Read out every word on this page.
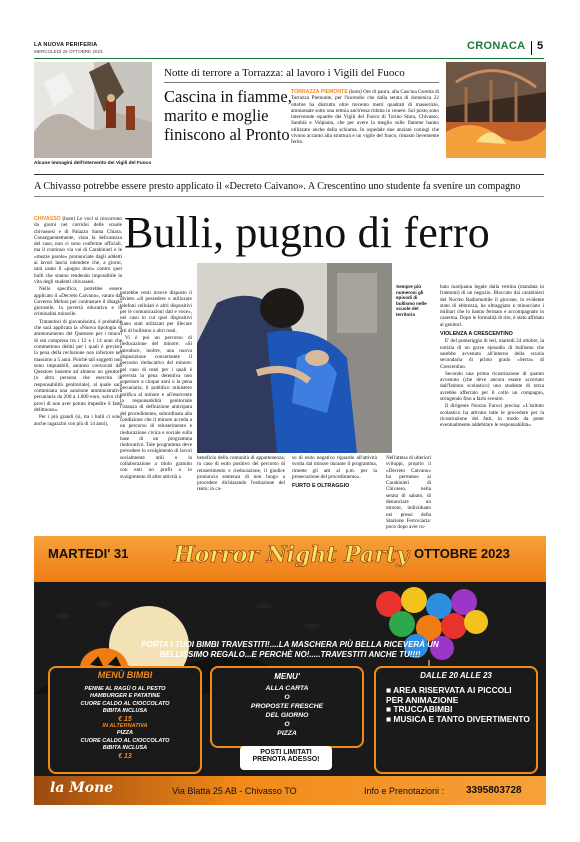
LA NUOVA PERIFERIA
MERCOLEDÌ 25 OTTOBRE 2023	CRONACA 5
Alcune immagini dell'intervento dei Vigili del Fuoco
Notte di terrore a Torrazza: al lavoro i Vigili del Fuoco
Cascina in fiamme,
marito e moglie
finiscono al Pronto
TORRAZZA PIEMONTE (bom) Ore di paura, alla Cascina Goretta di Torrazza Piemonte, per l'incendio che dalla serata di domenica 22 ottobre ha distrutto oltre trecento metri quadrati di masserizie, ammassate sotto una tettoia anch'essa ridotta in cenere. Sul posto sono intervenute squadre dei Vigili del Fuoco di Torino Stura, Chivasso, Santhià e Volpiano, che per avere la meglio sulle fiamme hanno utilizzato anche della schiuma. In ospedale due anziani coniugi che vivono accanto alla struttura e un vigile del fuoco, rimasto lievemente ferito.
A Chivasso potrebbe essere presto applicato il «Decreto Caivano». A Crescentino uno studente fa svenire un compagno
Bulli, pugno di ferro
Sempre più numerosi gli episodi di bullismo nelle scuole del territorio

CHIVASSO (bom) Le voci si rincorrono da giorni nei corridoi delle scuole chivassesi e di Palazzo Santa Chiara. Conseguentemente, vista la delicatezza del caso, non ci sono conferme ufficiali, ma il continuo via vai di Carabinieri e le «mezze parole» pronunciate dagli addetti ai lavori lascia intendere che, a giorni, sarà usato il «pugno duro» contro quei bulli che stanno rendendo impossibile la vita degli studenti chivassesi.

Nello specifico, potrebbe essere applicato il «Decreto Caivano», varato dal Governo Meloni per contrastare il disagio giovanile, la povertà educativa e la criminalità minorile.

Tratandosi di giovanissimi, è probabile che sarà applicata la «Nuova tipologia di ammonimento del Questore per i minori di età compresa tra i 12 e i 14 anni che commettono delitti per i quali è prevista la pena della reclusione non inferiore nel massimo a 5 anni. Poiché tali soggetti non sono imputabili, saranno convocati dal Questore insieme ad almeno un genitore (o altra persona che esercita la responsabilità genitoriale), al quale sarà comminata una sanzione amministrativa pecuniaria da 200 a 1.000 euro, salvo che provi di non aver potuto impedire il fatto delittuoso».

Per i più grandi (si, tra i bulli ci sono anche ragazzini con più di 14 anni),

potrebbe venir invece disposto il divieto «di possedere o utilizzare telefoni cellulari e altri dispositivi per le comunicazioni dati e voce», nel caso in cui quei dispositivi siano stati utilizzati per illecare atti di bullismo o altri reati.

Vi è poi un percorso di rieducazione del minore: «Si introduce, inoltre, una nuova disposizione concernente il percorso rieducativo del minore: nel caso di reati per i quali è prevista la pena detentiva non superiore a cinque anni o la pena pecuniaria, il pubblico ministero notifica al minore e all'esercente la responsabilità genitoriale l'istanza di definizione anticipata del procedimento, subordinata alla condizione che il minore acceda a un percorso di reinserimento e rieducazione civica e sociale sulla base di un programma rieducativo. Tale programma deve prevedere lo svolgimento di lavori socialmente utili o la collaborazione a titolo gratuito con enti no profit o lo svolgimento di altre attività a

beneficio della comunità di appartenenza; in caso di esito positivo del percorso di reinserimento e rieducazione, il giudice pronuncia sentenza di non luogo a procedere dichiarando l'estinzione del reato; in ca-

so di esito negativo riguardo all'attività svolta dal minore durante il programma, rimette gli atti al p.m. per la prosecuzione del procedimento».

FURTO E OLTRAGGIO

Nell'attesa di ulteriori sviluppi, proprio il «Decreto Caivano» ha permesso ai Carabinieri di Chivasso, nella serata di sabato, di denunciare un minore, individuato nei pressi della Stazione Ferroviaria: poco dopo aver ru-

bato marijuana legale dalla vetrina (mandata in frantumi) di un negozio. Bloccato dai carabinieri del Nucleo Radiomobile il giovane, in evidente stato di ebbrezza, ha oltraggiato e minacciato i militari che lo hanno fermato e accompagnato in caserma. Dopo le formalità di rito, è stato affidato ai genitori.

VIOLENZA A CRESCENTINO

E' del pomeriggio di ieri, martedì 24 ottobre, la notizia di un grave episodio di bullismo che sarebbe avvenuto all'interno della scuola secondaria di primo grado «Serra» di Crescentino.

Secondo una prima ricostruzione di quanto avvenuto (che deve ancora essere accertato dall'Istituto scolastico) uno studente di terza avrebbe afferrato per il collo un compagno, stringendo fino a farlo svenire.

Il dirigente Nunzio Furoci precisa: «L'istituto scolastico ha attivato tutte le procedure per la ricostruzione dei fatti, in modo da poter eventualmente addebitare le responsabilità».

MARTEDI' 31 Horror Night Party OTTOBRE 2023
PORTA I TUOI BIMBI TRAVESTITI!....LA MASCHERA PIÙ BELLA RICEVERÀ UN
BELLISSIMO REGALO...E PERCHÈ NO!.....TRAVESTITI ANCHE TU!!!!
MENÙ BIMBI
PENNE AL RAGÙ O AL PESTO
HAMBURGER E PATATINE
CUORE CALDO AL CIOCCOLATO
BIBITA INCLUSA
€ 15
IN ALTERNATIVA
PIZZA
CUORE CALDO AL CIOCCOLATO
BIBITA INCLUSA
€ 13
MENU'
ALLA CARTA
O
PROPOSTE FRESCHE
DEL GIORNO
O
PIZZA
POSTI LIMITATI
PRENOTA ADESSO!
DALLE 20 ALLE 23
■ AREA RISERVATA AI PICCOLI PER ANIMAZIONE
■ TRUCCABIMBI
■ MUSICA E TANTO DIVERTIMENTO
la Mone	Via Blatta 25 AB - Chivasso TO	Info e Prenotazioni : 3395803728
